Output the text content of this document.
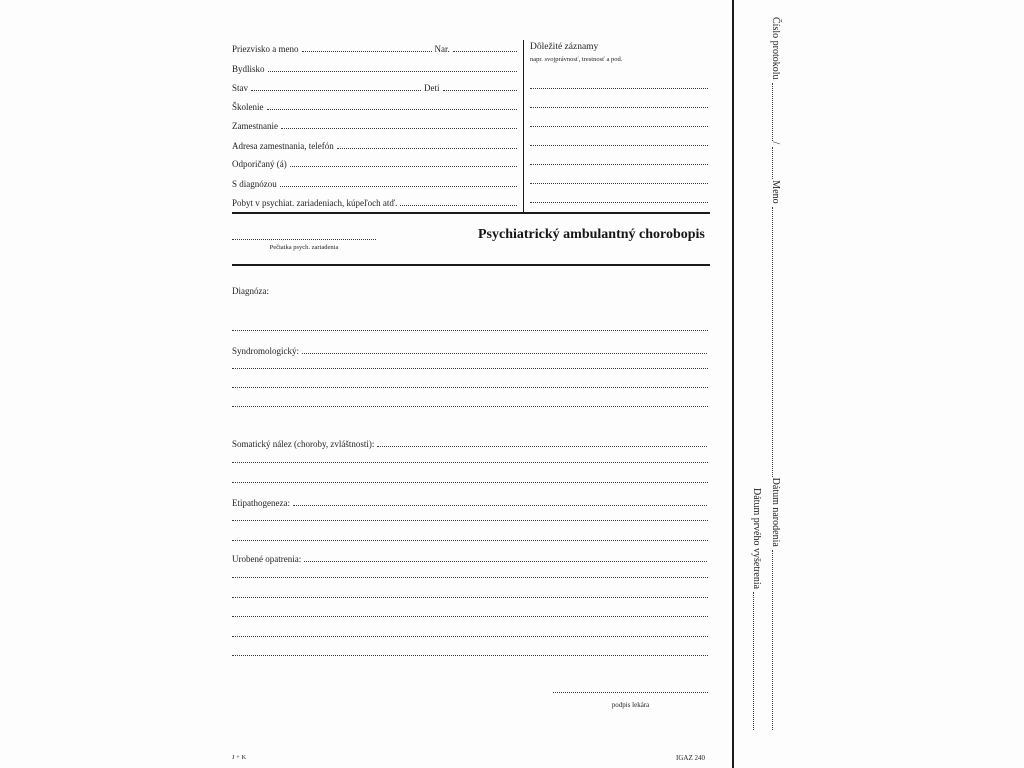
Priezvisko a meno	Nar.
Bydlisko
Stav	Deti
Školenie
Zamestnanie
Adresa zamestnania, telefón
Odporičaný (á)
S diagnózou
Pobyt v psychiat. zariadeniach, kúpeľoch atď.
Dôležité záznamy
napr. svojprávnosť, trestnosť a pod.
Pečiatka psych. zariadenia
Psychiatrický ambulantný chorobopis
Diagnóza:
Syndromologický:
Somatický nález (choroby, zvláštnosti):
Etipathogeneza:
Urobené opatrenia:
podpis lekára
J + K	IGAZ 240
Číslo protokolu
/
Meno
Dátum narodenia
Dátum prvého vyšetrenia
